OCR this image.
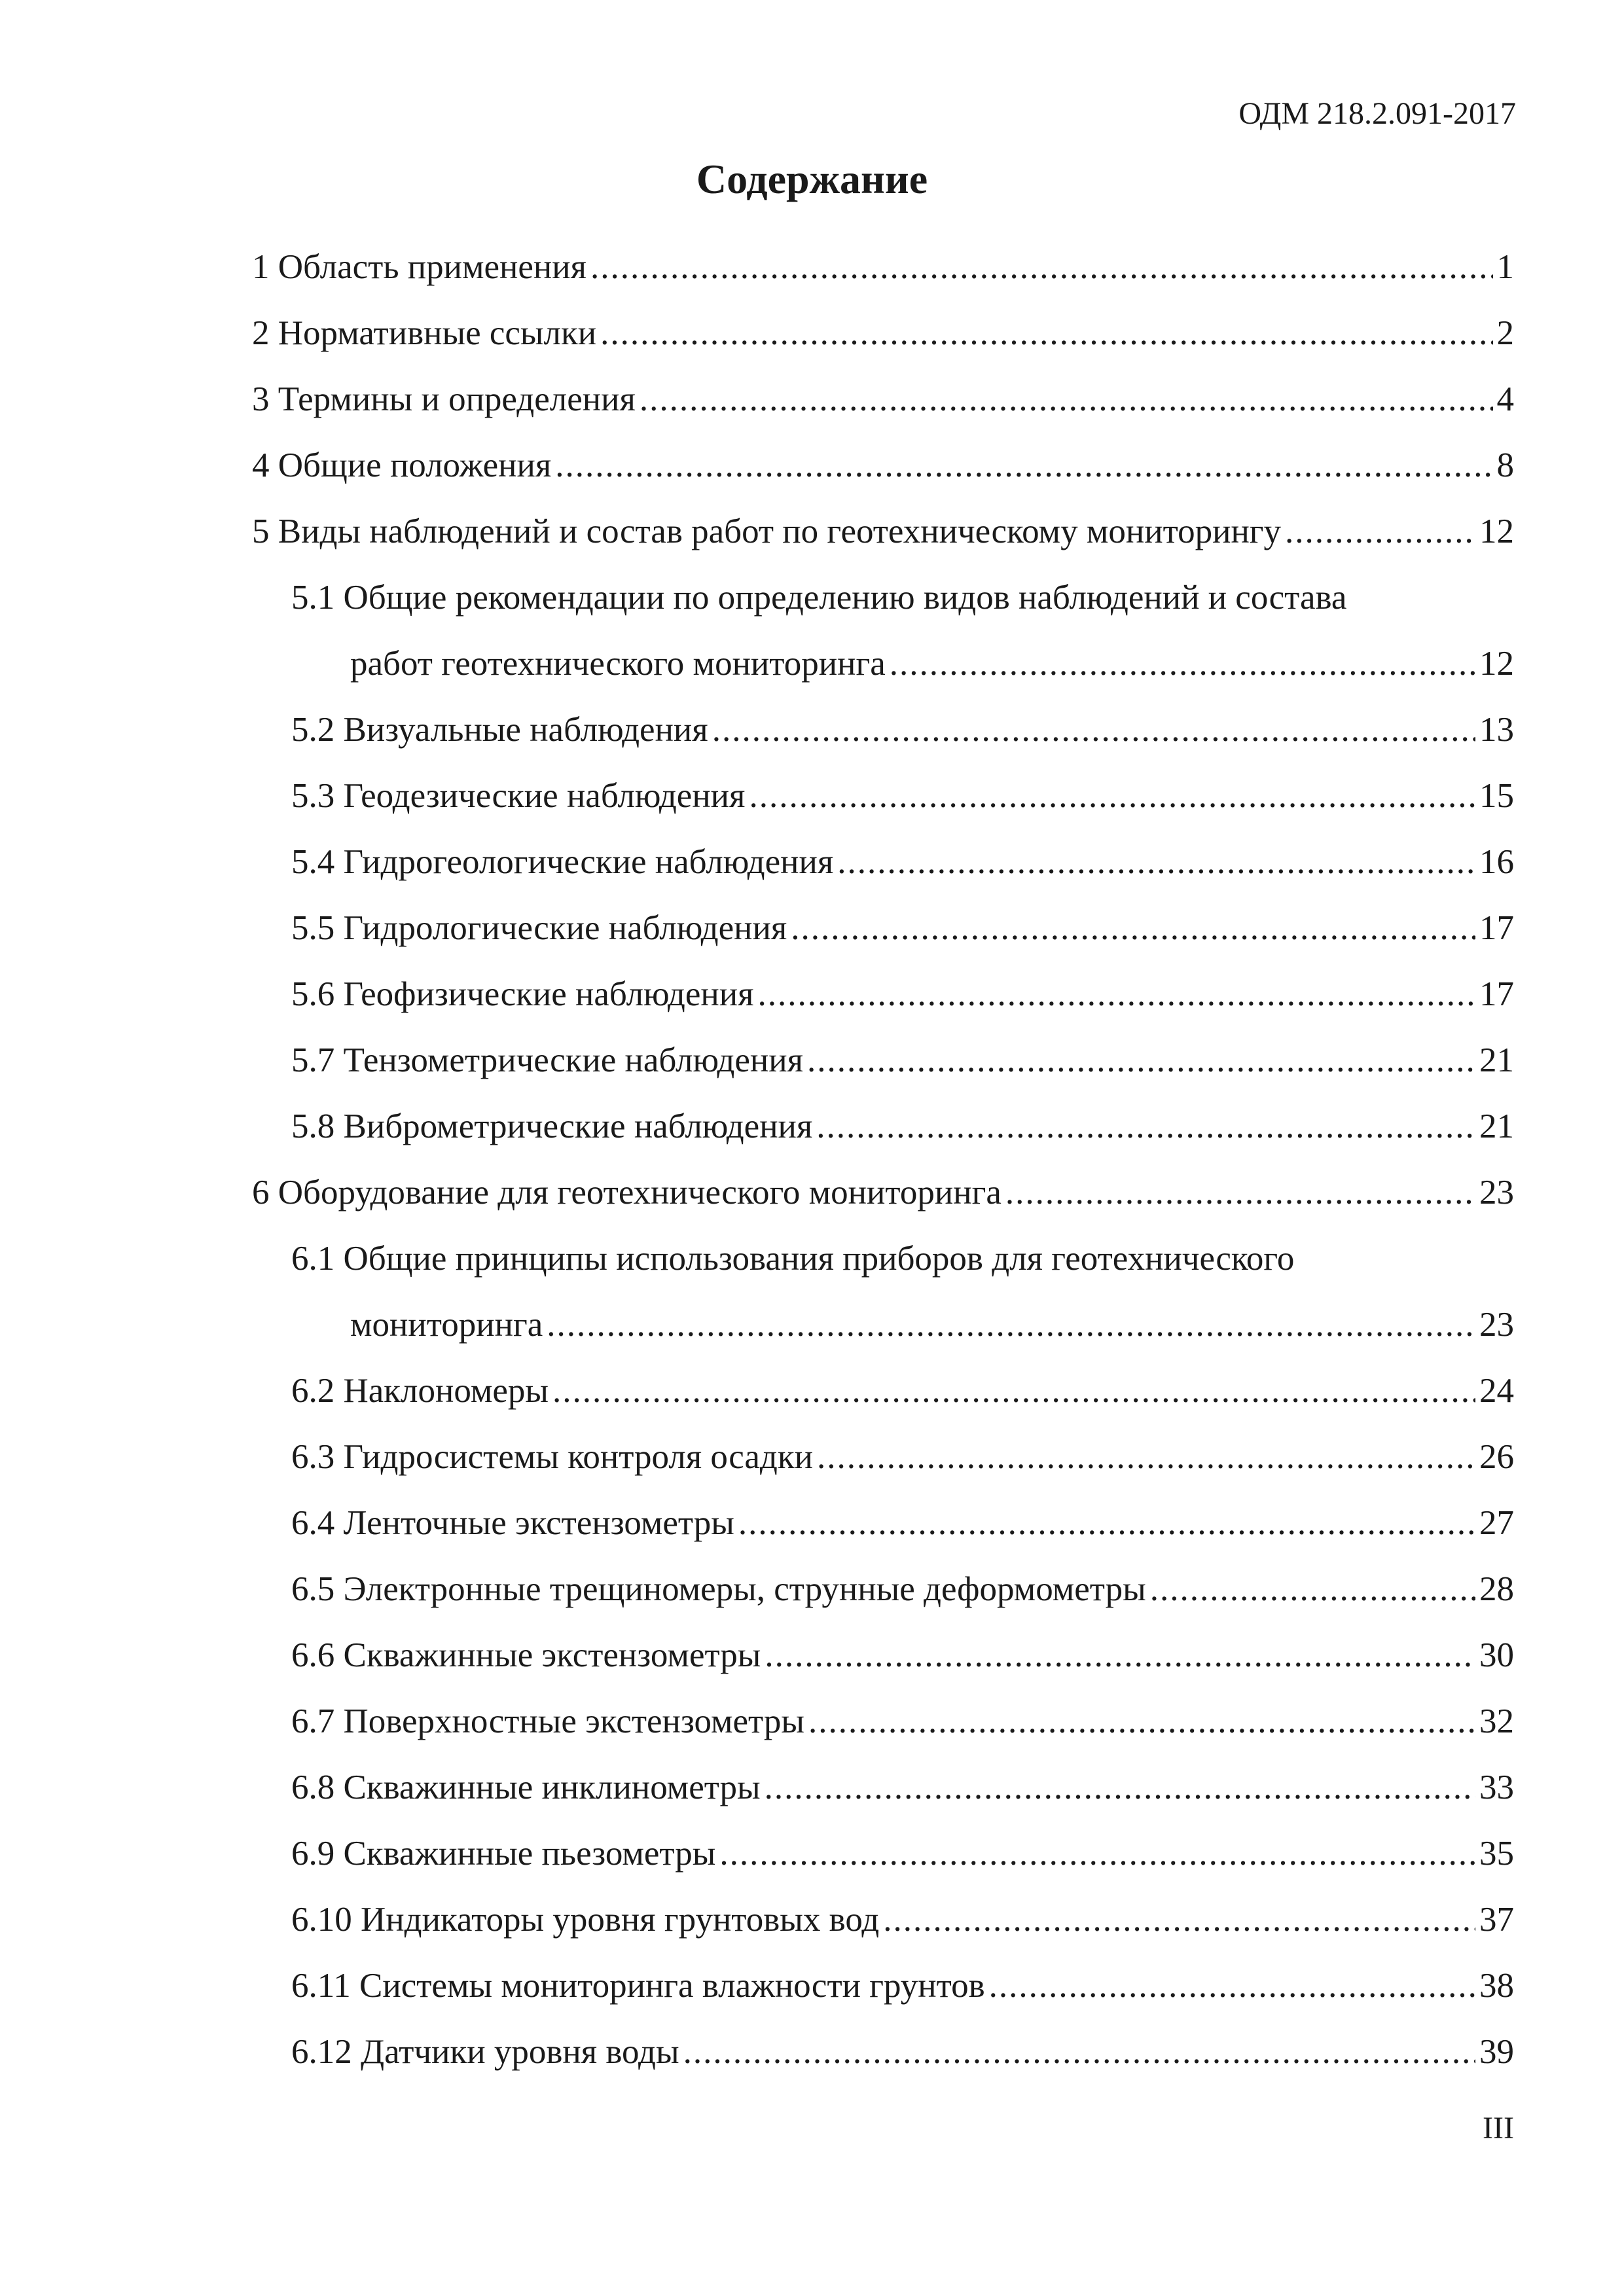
ОДМ 218.2.091-2017
Содержание
1 Область применения .....	1
2 Нормативные ссылки .....	2
3 Термины и определения .....	4
4 Общие положения .....	8
5 Виды наблюдений и состав работ по геотехническому мониторингу .....	12
5.1 Общие рекомендации по определению видов наблюдений и состава
работ геотехнического мониторинга .....	12
5.2 Визуальные наблюдения .....	13
5.3 Геодезические наблюдения .....	15
5.4 Гидрогеологические наблюдения .....	16
5.5 Гидрологические наблюдения .....	17
5.6 Геофизические наблюдения .....	17
5.7 Тензометрические наблюдения .....	21
5.8 Виброметрические наблюдения .....	21
6 Оборудование для геотехнического мониторинга .....	23
6.1 Общие принципы использования приборов для геотехнического
мониторинга .....	23
6.2 Наклономеры .....	24
6.3 Гидросистемы контроля осадки .....	26
6.4 Ленточные экстензометры .....	27
6.5 Электронные трещиномеры, струнные деформометры .....	28
6.6 Скважинные экстензометры .....	30
6.7 Поверхностные экстензометры .....	32
6.8 Скважинные инклинометры .....	33
6.9 Скважинные пьезометры .....	35
6.10 Индикаторы уровня грунтовых вод .....	37
6.11 Системы мониторинга влажности грунтов .....	38
6.12 Датчики уровня воды .....	39
III
